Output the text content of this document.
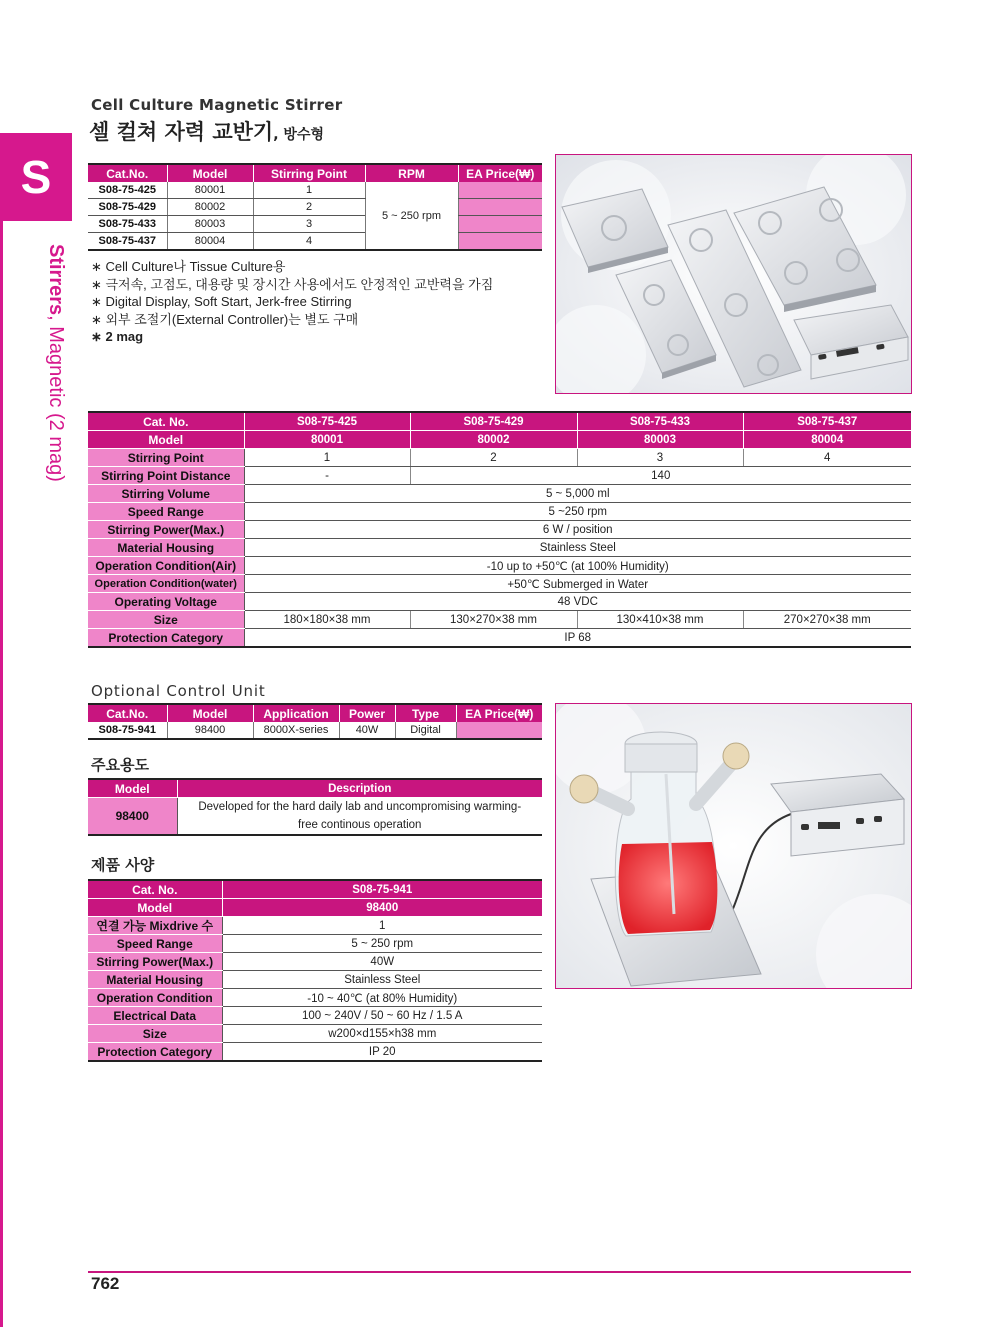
S
Stirrers, Magnetic (2 mag)
Cell Culture Magnetic Stirrer
셀 컬쳐 자력 교반기, 방수형
Cat.No.	Model	Stirring Point	RPM	EA Price(₩)
S08-75-425	80001	1	5 ~ 250 rpm	
S08-75-429	80002	2		
S08-75-433	80003	3		
S08-75-437	80004	4		
∗ Cell Culture나 Tissue Culture용
∗ 극저속, 고점도, 대용량 및 장시간 사용에서도 안정적인 교반력을 가짐
∗ Digital Display, Soft Start, Jerk-free Stirring
∗ 외부 조절기(External Controller)는 별도 구매
∗ 2 mag
Cat. No.	S08-75-425	S08-75-429	S08-75-433	S08-75-437
Model	80001	80002	80003	80004
Stirring Point	1	2	3	4
Stirring Point Distance	-	140		
Stirring Volume	5 ~ 5,000 ml			
Speed Range	5 ~250 rpm			
Stirring Power(Max.)	6 W / position			
Material Housing	Stainless Steel			
Operation Condition(Air)	-10 up to +50℃ (at 100% Humidity)			
Operation Condition(water)	+50℃ Submerged in Water			
Operating Voltage	48 VDC			
Size	180×180×38 mm	130×270×38 mm	130×410×38 mm	270×270×38 mm
Protection Category	IP 68			
Optional Control Unit
Cat.No.	Model	Application	Power	Type	EA Price(₩)
S08-75-941	98400	8000X-series	40W	Digital	
주요용도
Model	Description
98400	Developed for the hard daily lab and uncompromising warming-
free continous operation
제품 사양
Cat. No.	S08-75-941
Model	98400
연결 가능 Mixdrive 수	1
Speed Range	5 ~ 250 rpm
Stirring Power(Max.)	40W
Material Housing	Stainless Steel
Operation Condition	-10 ~ 40℃ (at 80% Humidity)
Electrical Data	100 ~ 240V / 50 ~ 60 Hz / 1.5 A
Size	w200×d155×h38 mm
Protection Category	IP 20
762
